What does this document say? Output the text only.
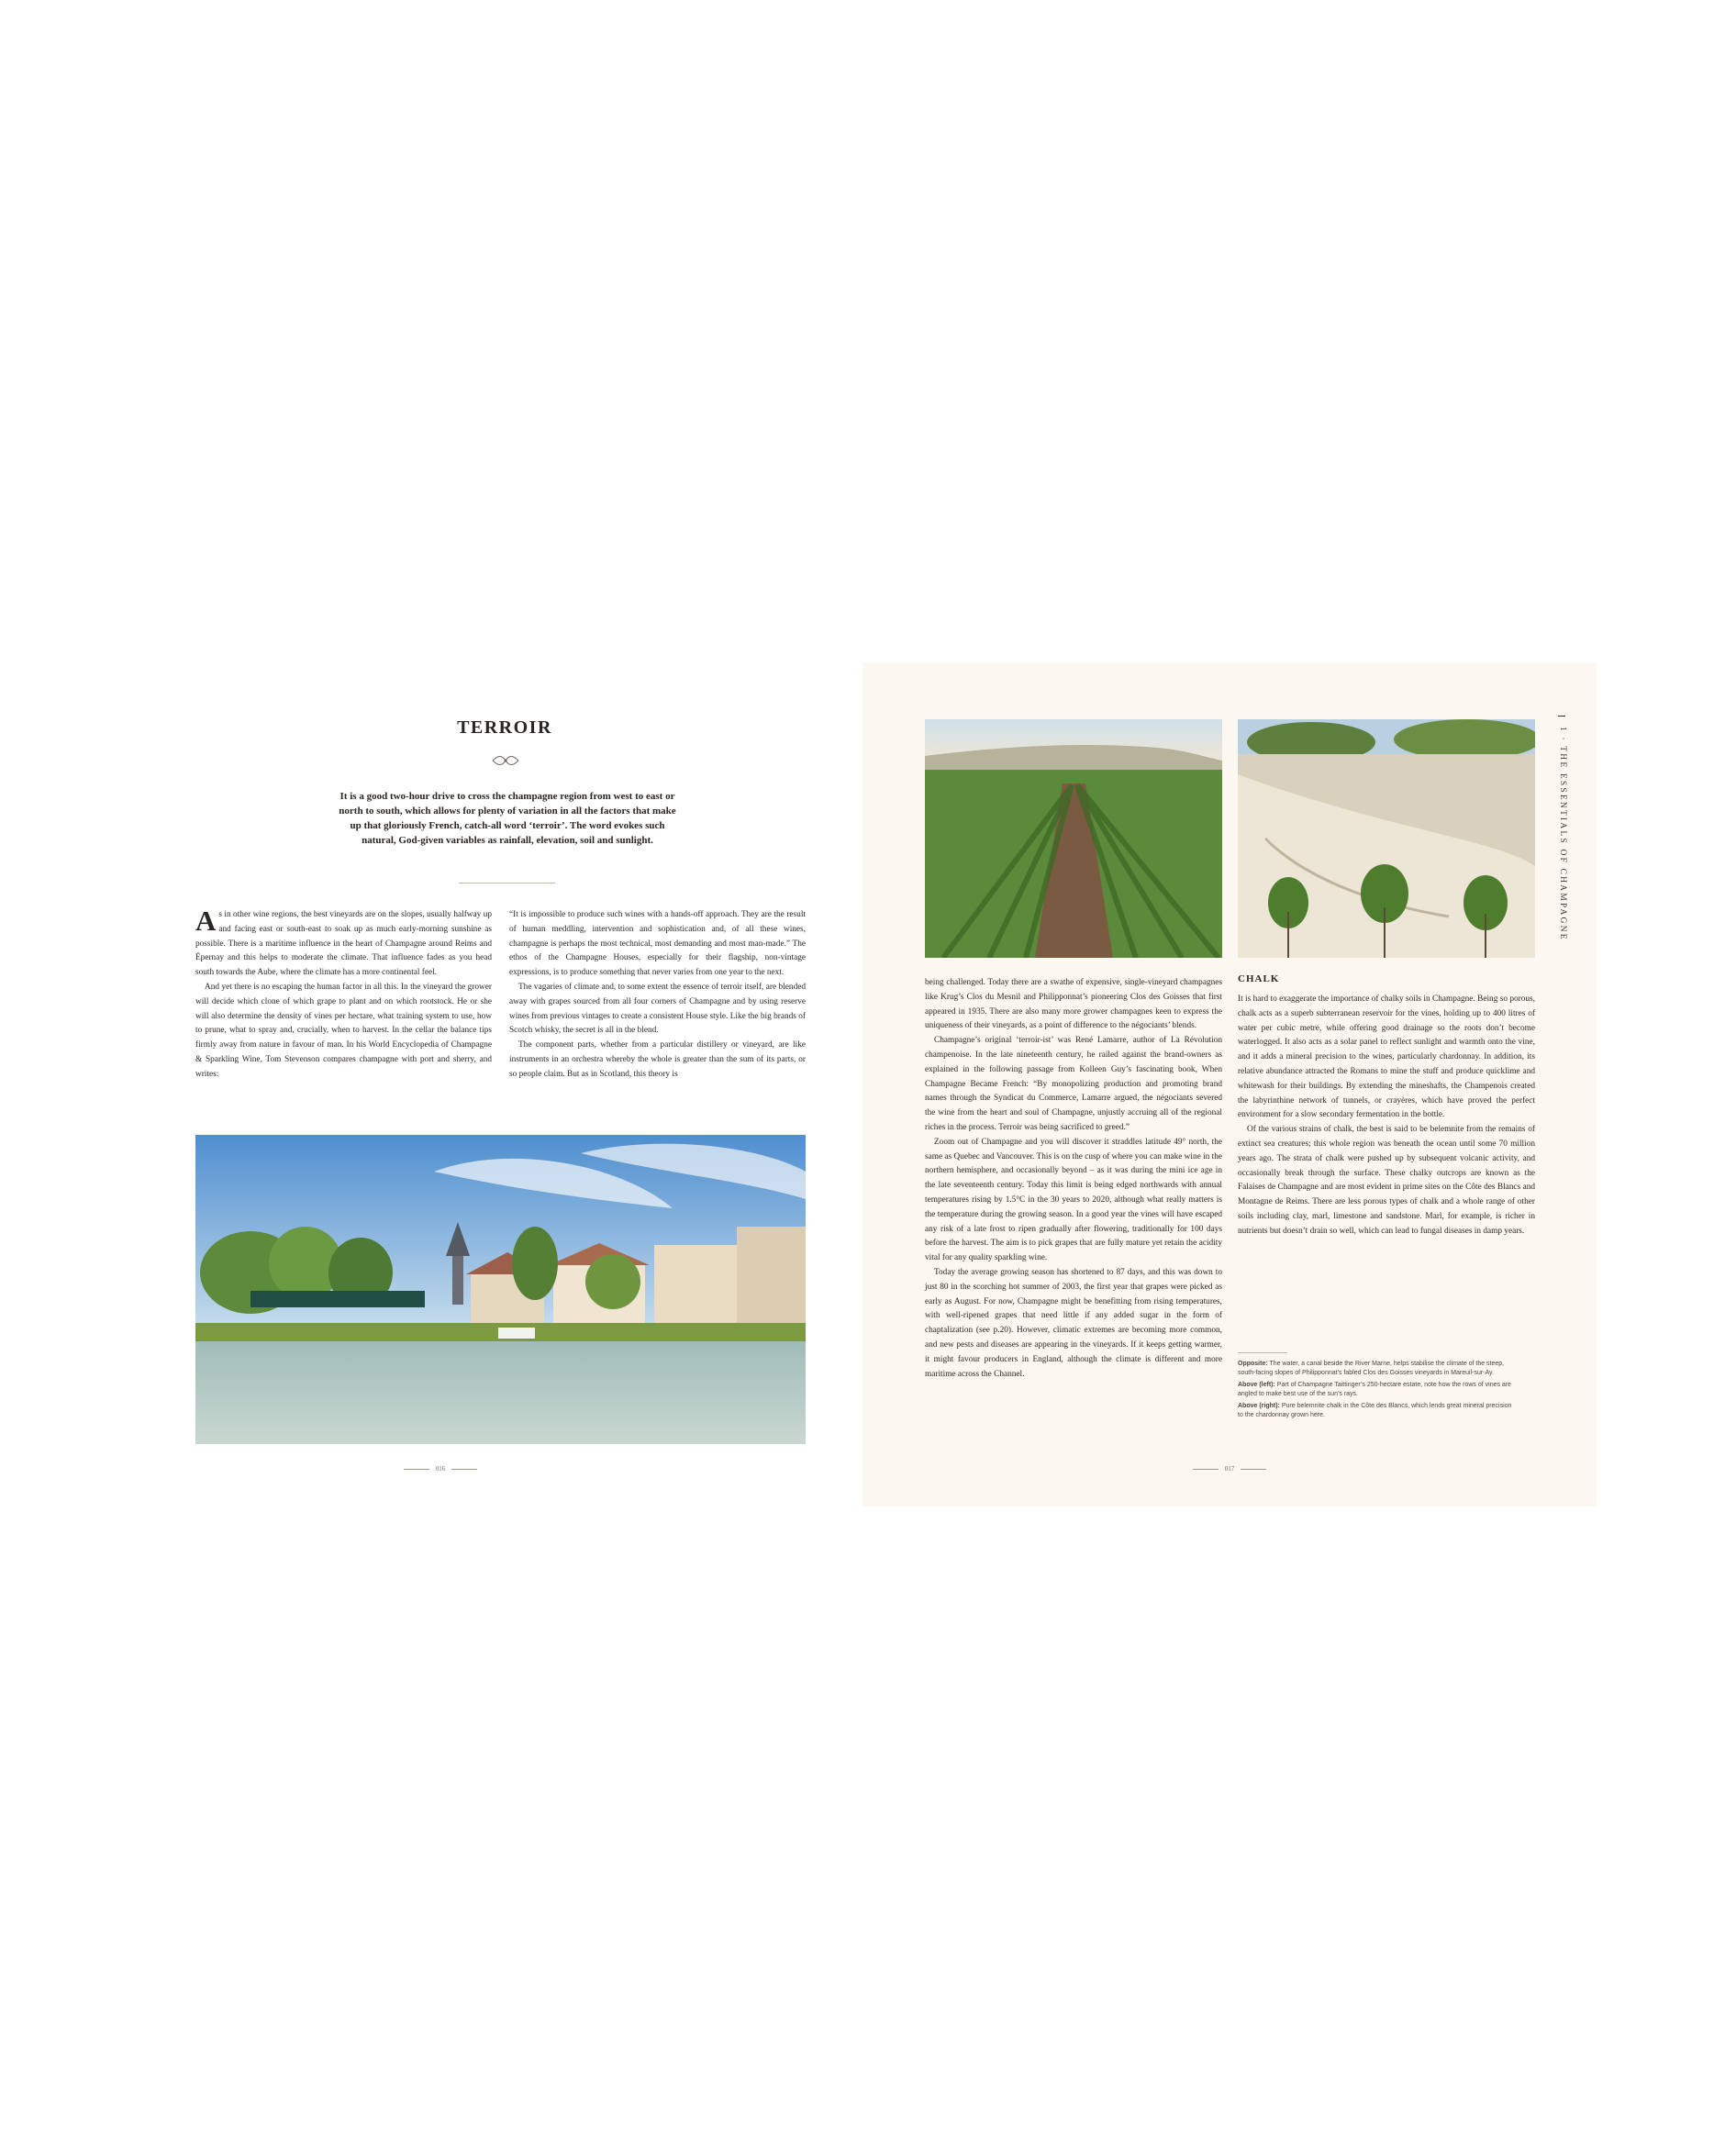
TERROIR
It is a good two-hour drive to cross the champagne region from west to east or north to south, which allows for plenty of variation in all the factors that make up that gloriously French, catch-all word ‘terroir’. The word evokes such natural, God-given variables as rainfall, elevation, soil and sunlight.

As in other wine regions, the best vineyards are on the slopes, usually halfway up and facing east or south-east to soak up as much early-morning sunshine as possible. There is a maritime influence in the heart of Champagne around Reims and Épernay and this helps to moderate the climate. That influence fades as you head south towards the Aube, where the climate has a more continental feel.

And yet there is no escaping the human factor in all this. In the vineyard the grower will decide which clone of which grape to plant and on which rootstock. He or she will also determine the density of vines per hectare, what training system to use, how to prune, what to spray and, crucially, when to harvest. In the cellar the balance tips firmly away from nature in favour of man. In his World Encyclopedia of Champagne & Sparkling Wine, Tom Stevenson compares champagne with port and sherry, and writes:

“It is impossible to produce such wines with a hands-off approach. They are the result of human meddling, intervention and sophistication and, of all these wines, champagne is perhaps the most technical, most demanding and most man-made.” The ethos of the Champagne Houses, especially for their flagship, non-vintage expressions, is to produce something that never varies from one year to the next.

The vagaries of climate and, to some extent the essence of terroir itself, are blended away with grapes sourced from all four corners of Champagne and by using reserve wines from previous vintages to create a consistent House style. Like the big brands of Scotch whisky, the secret is all in the blend.

The component parts, whether from a particular distillery or vineyard, are like instruments in an orchestra whereby the whole is greater than the sum of its parts, or so people claim. But as in Scotland, this theory is

016
1 · THE ESSENTIALS OF CHAMPAGNE

being challenged. Today there are a swathe of expensive, single-vineyard champagnes like Krug’s Clos du Mesnil and Philipponnat’s pioneering Clos des Goisses that first appeared in 1935. There are also many more grower champagnes keen to express the uniqueness of their vineyards, as a point of difference to the négociants’ blends.

Champagne’s original ‘terroir-ist’ was René Lamarre, author of La Révolution champenoise. In the late nineteenth century, he railed against the brand-owners as explained in the following passage from Kolleen Guy’s fascinating book, When Champagne Became French: “By monopolizing production and promoting brand names through the Syndicat du Commerce, Lamarre argued, the négociants severed the wine from the heart and soul of Champagne, unjustly accruing all of the regional riches in the process. Terroir was being sacrificed to greed.”

Zoom out of Champagne and you will discover it straddles latitude 49° north, the same as Quebec and Vancouver. This is on the cusp of where you can make wine in the northern hemisphere, and occasionally beyond – as it was during the mini ice age in the late seventeenth century. Today this limit is being edged northwards with annual temperatures rising by 1.5°C in the 30 years to 2020, although what really matters is the temperature during the growing season. In a good year the vines will have escaped any risk of a late frost to ripen gradually after flowering, traditionally for 100 days before the harvest. The aim is to pick grapes that are fully mature yet retain the acidity vital for any quality sparkling wine.

Today the average growing season has shortened to 87 days, and this was down to just 80 in the scorching hot summer of 2003, the first year that grapes were picked as early as August. For now, Champagne might be benefitting from rising temperatures, with well-ripened grapes that need little if any added sugar in the form of chaptalization (see p.20). However, climatic extremes are becoming more common, and new pests and diseases are appearing in the vineyards. If it keeps getting warmer, it might favour producers in England, although the climate is different and more maritime across the Channel.

CHALK

It is hard to exaggerate the importance of chalky soils in Champagne. Being so porous, chalk acts as a superb subterranean reservoir for the vines, holding up to 400 litres of water per cubic metre, while offering good drainage so the roots don’t become waterlogged. It also acts as a solar panel to reflect sunlight and warmth onto the vine, and it adds a mineral precision to the wines, particularly chardonnay. In addition, its relative abundance attracted the Romans to mine the stuff and produce quicklime and whitewash for their buildings. By extending the mineshafts, the Champenois created the labyrinthine network of tunnels, or crayères, which have proved the perfect environment for a slow secondary fermentation in the bottle.

Of the various strains of chalk, the best is said to be belemnite from the remains of extinct sea creatures; this whole region was beneath the ocean until some 70 million years ago. The strata of chalk were pushed up by subsequent volcanic activity, and occasionally break through the surface. These chalky outcrops are known as the Falaises de Champagne and are most evident in prime sites on the Côte des Blancs and Montagne de Reims. There are less porous types of chalk and a whole range of other soils including clay, marl, limestone and sandstone. Marl, for example, is richer in nutrients but doesn’t drain so well, which can lead to fungal diseases in damp years.

Opposite: The water, a canal beside the River Marne, helps stabilise the climate of the steep, south-facing slopes of Philipponnat’s fabled Clos des Goisses vineyards in Mareuil-sur-Ay.

Above (left): Part of Champagne Taittinger’s 250-hectare estate, note how the rows of vines are angled to make best use of the sun’s rays.

Above (right): Pure belemnite chalk in the Côte des Blancs, which lends great mineral precision to the chardonnay grown here.

017
